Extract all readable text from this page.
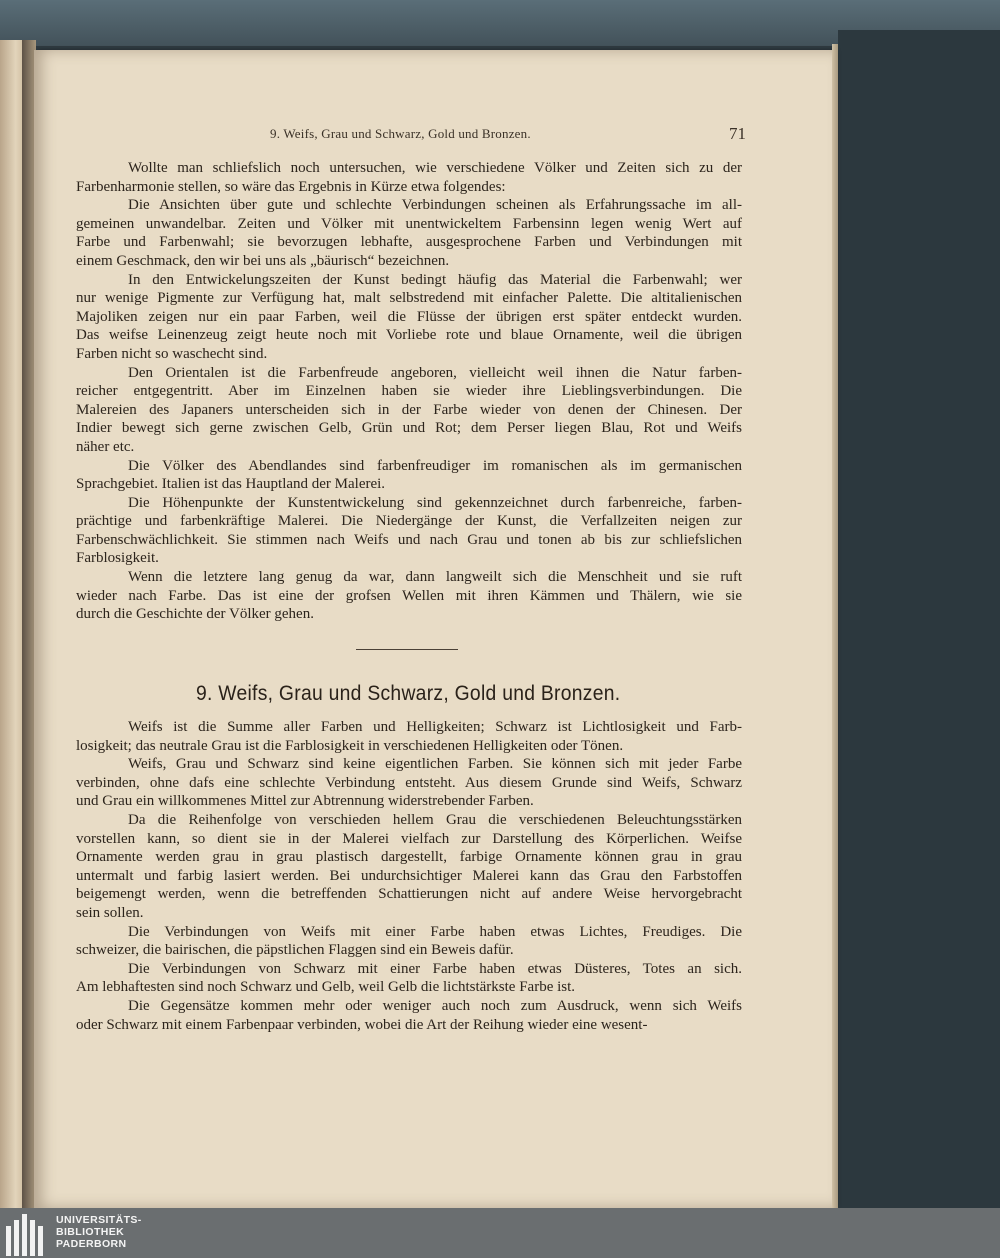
9. Weifs, Grau und Schwarz, Gold und Bronzen.	71
Wollte man schliefslich noch untersuchen, wie verschiedene Völker und Zeiten sich zu der
Farbenharmonie stellen, so wäre das Ergebnis in Kürze etwa folgendes:
Die Ansichten über gute und schlechte Verbindungen scheinen als Erfahrungssache im all-
gemeinen unwandelbar. Zeiten und Völker mit unentwickeltem Farbensinn legen wenig Wert auf
Farbe und Farbenwahl; sie bevorzugen lebhafte, ausgesprochene Farben und Verbindungen mit
einem Geschmack, den wir bei uns als „bäurisch“ bezeichnen.
In den Entwickelungszeiten der Kunst bedingt häufig das Material die Farbenwahl; wer
nur wenige Pigmente zur Verfügung hat, malt selbstredend mit einfacher Palette. Die altitalienischen
Majoliken zeigen nur ein paar Farben, weil die Flüsse der übrigen erst später entdeckt wurden.
Das weifse Leinenzeug zeigt heute noch mit Vorliebe rote und blaue Ornamente, weil die übrigen
Farben nicht so waschecht sind.
Den Orientalen ist die Farbenfreude angeboren, vielleicht weil ihnen die Natur farben-
reicher entgegentritt. Aber im Einzelnen haben sie wieder ihre Lieblingsverbindungen. Die
Malereien des Japaners unterscheiden sich in der Farbe wieder von denen der Chinesen. Der
Indier bewegt sich gerne zwischen Gelb, Grün und Rot; dem Perser liegen Blau, Rot und Weifs
näher etc.
Die Völker des Abendlandes sind farbenfreudiger im romanischen als im germanischen
Sprachgebiet. Italien ist das Hauptland der Malerei.
Die Höhenpunkte der Kunstentwickelung sind gekennzeichnet durch farbenreiche, farben-
prächtige und farbenkräftige Malerei. Die Niedergänge der Kunst, die Verfallzeiten neigen zur
Farbenschwächlichkeit. Sie stimmen nach Weifs und nach Grau und tonen ab bis zur schliefslichen
Farblosigkeit.
Wenn die letztere lang genug da war, dann langweilt sich die Menschheit und sie ruft
wieder nach Farbe. Das ist eine der grofsen Wellen mit ihren Kämmen und Thälern, wie sie
durch die Geschichte der Völker gehen.
9. Weifs, Grau und Schwarz, Gold und Bronzen.
Weifs ist die Summe aller Farben und Helligkeiten; Schwarz ist Lichtlosigkeit und Farb-
losigkeit; das neutrale Grau ist die Farblosigkeit in verschiedenen Helligkeiten oder Tönen.
Weifs, Grau und Schwarz sind keine eigentlichen Farben. Sie können sich mit jeder Farbe
verbinden, ohne dafs eine schlechte Verbindung entsteht. Aus diesem Grunde sind Weifs, Schwarz
und Grau ein willkommenes Mittel zur Abtrennung widerstrebender Farben.
Da die Reihenfolge von verschieden hellem Grau die verschiedenen Beleuchtungsstärken
vorstellen kann, so dient sie in der Malerei vielfach zur Darstellung des Körperlichen. Weifse
Ornamente werden grau in grau plastisch dargestellt, farbige Ornamente können grau in grau
untermalt und farbig lasiert werden. Bei undurchsichtiger Malerei kann das Grau den Farbstoffen
beigemengt werden, wenn die betreffenden Schattierungen nicht auf andere Weise hervorgebracht
sein sollen.
Die Verbindungen von Weifs mit einer Farbe haben etwas Lichtes, Freudiges. Die
schweizer, die bairischen, die päpstlichen Flaggen sind ein Beweis dafür.
Die Verbindungen von Schwarz mit einer Farbe haben etwas Düsteres, Totes an sich.
Am lebhaftesten sind noch Schwarz und Gelb, weil Gelb die lichtstärkste Farbe ist.
Die Gegensätze kommen mehr oder weniger auch noch zum Ausdruck, wenn sich Weifs
oder Schwarz mit einem Farbenpaar verbinden, wobei die Art der Reihung wieder eine wesent-
UNIVERSITÄTS-
BIBLIOTHEK
PADERBORN
